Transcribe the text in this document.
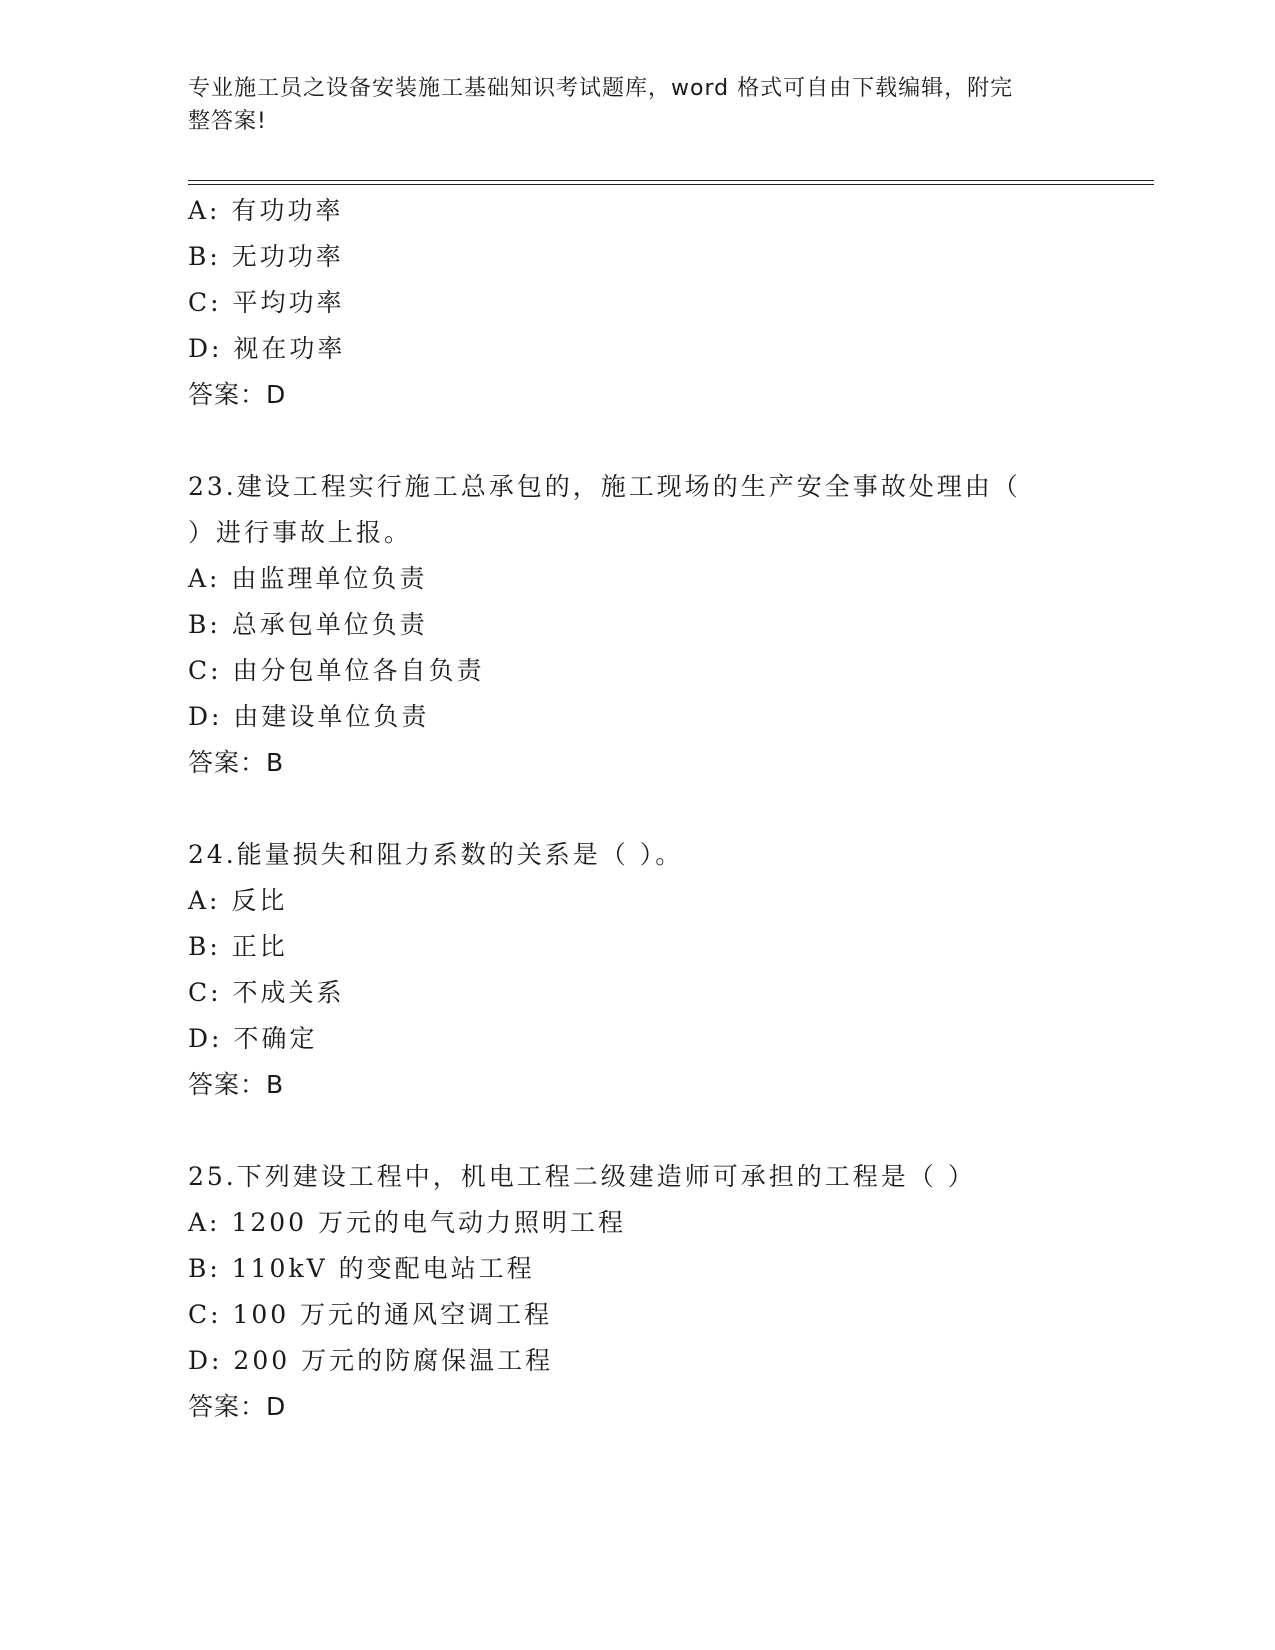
专业施工员之设备安装施工基础知识考试题库，word 格式可自由下载编辑，附完
整答案!
A: 有功功率
B: 无功功率
C: 平均功率
D: 视在功率
答案：D
23.建设工程实行施工总承包的，施工现场的生产安全事故处理由（
）进行事故上报。
A: 由监理单位负责
B: 总承包单位负责
C: 由分包单位各自负责
D: 由建设单位负责
答案：B
24.能量损失和阻力系数的关系是（ ）。
A: 反比
B: 正比
C: 不成关系
D: 不确定
答案：B
25.下列建设工程中，机电工程二级建造师可承担的工程是（ ）
A: 1200 万元的电气动力照明工程
B: 110kV 的变配电站工程
C: 100 万元的通风空调工程
D: 200 万元的防腐保温工程
答案：D
